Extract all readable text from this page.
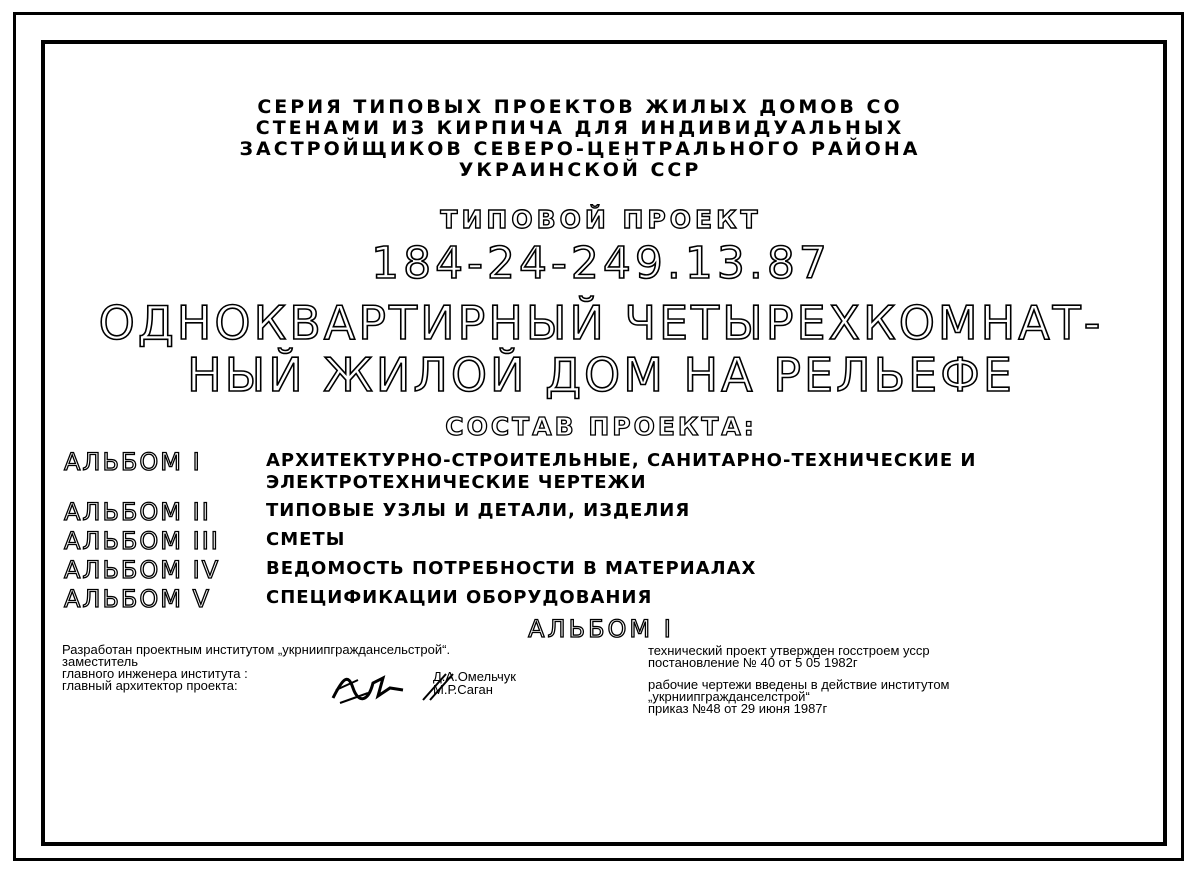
СЕРИЯ ТИПОВЫХ ПРОЕКТОВ ЖИЛЫХ ДОМОВ СО
СТЕНАМИ ИЗ КИРПИЧА ДЛЯ ИНДИВИДУАЛЬНЫХ
ЗАСТРОЙЩИКОВ СЕВЕРО-ЦЕНТРАЛЬНОГО РАЙОНА
УКРАИНСКОЙ ССР
ТИПОВОЙ ПРОЕКТ
184-24-249.13.87
ОДНОКВАРТИРНЫЙ ЧЕТЫРЕХКОМНАТ-
НЫЙ ЖИЛОЙ ДОМ НА РЕЛЬЕФЕ
СОСТАВ ПРОЕКТА:
АЛЬБОМ I	АРХИТЕКТУРНО-СТРОИТЕЛЬНЫЕ, САНИТАРНО-ТЕХНИЧЕСКИЕ И ЭЛЕКТРОТЕХНИЧЕСКИЕ ЧЕРТЕЖИ
АЛЬБОМ II	ТИПОВЫЕ УЗЛЫ И ДЕТАЛИ, ИЗДЕЛИЯ
АЛЬБОМ III	СМЕТЫ
АЛЬБОМ IV	ВЕДОМОСТЬ ПОТРЕБНОСТИ В МАТЕРИАЛАХ
АЛЬБОМ V	СПЕЦИФИКАЦИИ ОБОРУДОВАНИЯ
АЛЬБОМ I
Разработан проектным институтом „укрниипграждансельстрой“.
заместитель
главного инженера института :
главный архитектор проекта:
Д.А.Омельчук
М.Р.Саган
технический проект утвержден госстроем усср
постановление № 40 от 5 05 1982г
рабочие чертежи введены в действие институтом
„укрниипгражданселстрой“
приказ №48 от 29 июня 1987г
